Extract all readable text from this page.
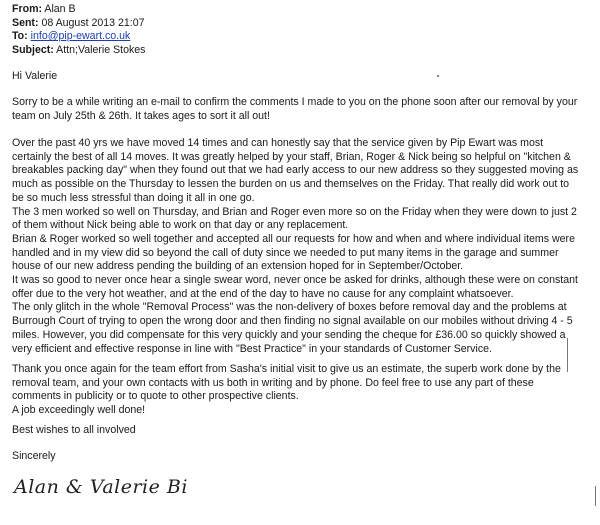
From: Alan B
Sent: 08 August 2013 21:07
To: info@pip-ewart.co.uk
Subject: Attn;Valerie Stokes
Hi Valerie
Sorry to be a while writing an e-mail to confirm the comments I made to you on the phone soon after our removal by your
team on July 25th & 26th. It takes ages to sort it all out!
Over the past 40 yrs we have moved 14 times and can honestly say that the service given by Pip Ewart was most
certainly the best of all 14 moves. It was greatly helped by your staff, Brian, Roger & Nick being so helpful on "kitchen &
breakables packing day" when they found out that we had early access to our new address so they suggested moving as
much as possible on the Thursday to lessen the burden on us and themselves on the Friday. That really did work out to
be so much less stressful than doing it all in one go.
The 3 men worked so well on Thursday, and Brian and Roger even more so on the Friday when they were down to just 2
of them without Nick being able to work on that day or any replacement.
Brian & Roger worked so well together and accepted all our requests for how and when and where individual items were
handled and in my view did so beyond the call of duty since we needed to put many items in the garage and summer
house of our new address pending the building of an extension hoped for in September/October.
It was so good to never once hear a single swear word, never once be asked for drinks, although these were on constant
offer due to the very hot weather, and at the end of the day to have no cause for any complaint whatsoever.
The only glitch in the whole "Removal Process" was the non-delivery of boxes before removal day and the problems at
Burrough Court of trying to open the wrong door and then finding no signal available on our mobiles without driving 4 - 5
miles. However, you did compensate for this very quickly and your sending the cheque for £36.00 so quickly showed a
very efficient and effective response in line with "Best Practice" in your standards of Customer Service.
Thank you once again for the team effort from Sasha's initial visit to give us an estimate, the superb work done by the
removal team, and your own contacts with us both in writing and by phone. Do feel free to use any part of these
comments in publicity or to quote to other prospective clients.
A job exceedingly well done!
Best wishes to all involved
Sincerely
Alan & Valerie Bi
